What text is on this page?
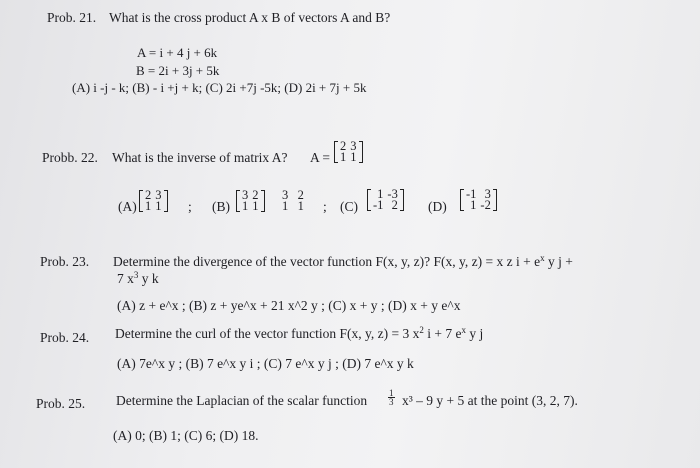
Prob. 21. What is the cross product A x B of vectors A and B?
A = i + 4 j + 6k
B = 2i + 3j + 5k
(A) i -j - k; (B) - i +j + k; (C) 2i +7j -5k; (D) 2i + 7j + 5k
Probb. 22. What is the inverse of matrix A? A =
2	3
1	1
(A)
2	3
1	1 ; (B)
3	2
1	1
3   2
1   1 ; (C)
1	-3
-1	2 (D)
-1	3
1	-2
Prob. 23. Determine the divergence of the vector function F(x, y, z)? F(x, y, z) = x z $i + e^x$ y j +
7 $x^3$ y k
(A) z + e^x ; (B) z + ye^x + 21 x^2 y ; (C) x + y ; (D) x + y e^x
Prob. 24. Determine the curl of the vector function F(x, y, z) = 3 $x^2$ i + 7 $e^x$ y j
(A) 7e^x y ; (B) 7 e^x y i ; (C) 7 e^x y j ; (D) 7 e^x y k
Prob. 25. Determine the Laplacian of the scalar function $\frac{1}{3} x^3 - 9$ y + 5 at the point (3, 2, 7).
(A) 0; (B) 1; (C) 6; (D) 18.
